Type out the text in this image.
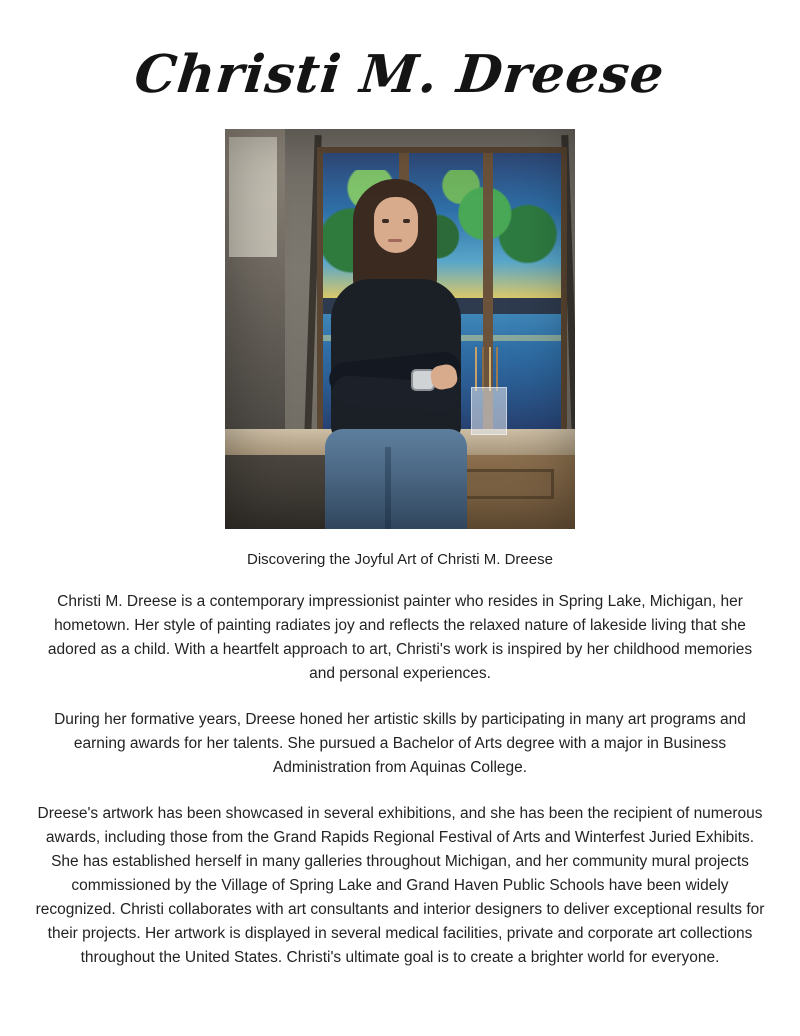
Christi M. Dreese
Discovering the Joyful Art of Christi M. Dreese

Christi M. Dreese is a contemporary impressionist painter who resides in Spring Lake, Michigan, her hometown. Her style of painting radiates joy and reflects the relaxed nature of lakeside living that she adored as a child. With a heartfelt approach to art, Christi's work is inspired by her childhood memories and personal experiences.

During her formative years, Dreese honed her artistic skills by participating in many art programs and earning awards for her talents. She pursued a Bachelor of Arts degree with a major in Business Administration from Aquinas College.

Dreese's artwork has been showcased in several exhibitions, and she has been the recipient of numerous awards, including those from the Grand Rapids Regional Festival of Arts and Winterfest Juried Exhibits. She has established herself in many galleries throughout Michigan, and her community mural projects commissioned by the Village of Spring Lake and Grand Haven Public Schools have been widely recognized. Christi collaborates with art consultants and interior designers to deliver exceptional results for their projects. Her artwork is displayed in several medical facilities, private and corporate art collections throughout the United States. Christi's ultimate goal is to create a brighter world for everyone.
